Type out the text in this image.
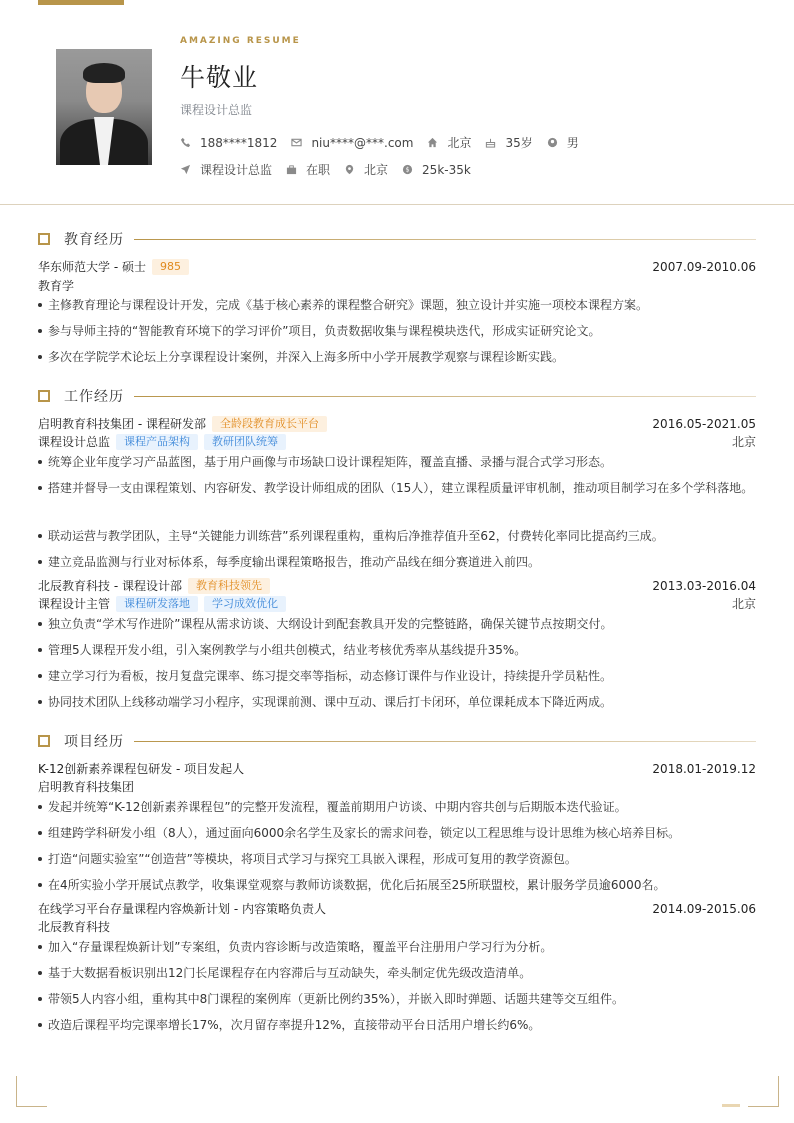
AMAZING RESUME
牛敬业
课程设计总监
188****1812	niu****@***.com	北京	35岁	男
课程设计总监	在职	北京 $ 25k-35k
教育经历
华东师范大学 - 硕士	985	2007.09-2010.06
教育学
主修教育理论与课程设计开发，完成《基于核心素养的课程整合研究》课题，独立设计并实施一项校本课程方案。
参与导师主持的“智能教育环境下的学习评价”项目，负责数据收集与课程模块迭代，形成实证研究论文。
多次在学院学术论坛上分享课程设计案例，并深入上海多所中小学开展教学观察与课程诊断实践。
工作经历
启明教育科技集团 - 课程研发部	全龄段教育成长平台	2016.05-2021.05
课程设计总监	课程产品架构	教研团队统筹	北京
统筹企业年度学习产品蓝图，基于用户画像与市场缺口设计课程矩阵，覆盖直播、录播与混合式学习形态。
搭建并督导一支由课程策划、内容研发、教学设计师组成的团队（15人），建立课程质量评审机制，推动项目制学习在多个学科落地。
联动运营与教学团队，主导“关键能力训练营”系列课程重构，重构后净推荐值升至62，付费转化率同比提高约三成。
建立竞品监测与行业对标体系，每季度输出课程策略报告，推动产品线在细分赛道进入前四。
北辰教育科技 - 课程设计部	教育科技领先	2013.03-2016.04
课程设计主管	课程研发落地	学习成效优化	北京
独立负责“学术写作进阶”课程从需求访谈、大纲设计到配套教具开发的完整链路，确保关键节点按期交付。
管理5人课程开发小组，引入案例教学与小组共创模式，结业考核优秀率从基线提升35%。
建立学习行为看板，按月复盘完课率、练习提交率等指标，动态修订课件与作业设计，持续提升学员粘性。
协同技术团队上线移动端学习小程序，实现课前测、课中互动、课后打卡闭环，单位课耗成本下降近两成。
项目经历
K-12创新素养课程包研发 - 项目发起人	2018.01-2019.12
启明教育科技集团
发起并统筹“K-12创新素养课程包”的完整开发流程，覆盖前期用户访谈、中期内容共创与后期版本迭代验证。
组建跨学科研发小组（8人），通过面向6000余名学生及家长的需求问卷，锁定以工程思维与设计思维为核心培养目标。
打造“问题实验室”“创造营”等模块，将项目式学习与探究工具嵌入课程，形成可复用的教学资源包。
在4所实验小学开展试点教学，收集课堂观察与教师访谈数据，优化后拓展至25所联盟校，累计服务学员逾6000名。
在线学习平台存量课程内容焕新计划 - 内容策略负责人	2014.09-2015.06
北辰教育科技
加入“存量课程焕新计划”专案组，负责内容诊断与改造策略，覆盖平台注册用户学习行为分析。
基于大数据看板识别出12门长尾课程存在内容滞后与互动缺失，牵头制定优先级改造清单。
带领5人内容小组，重构其中8门课程的案例库（更新比例约35%），并嵌入即时弹题、话题共建等交互组件。
改造后课程平均完课率增长17%，次月留存率提升12%，直接带动平台日活用户增长约6%。
